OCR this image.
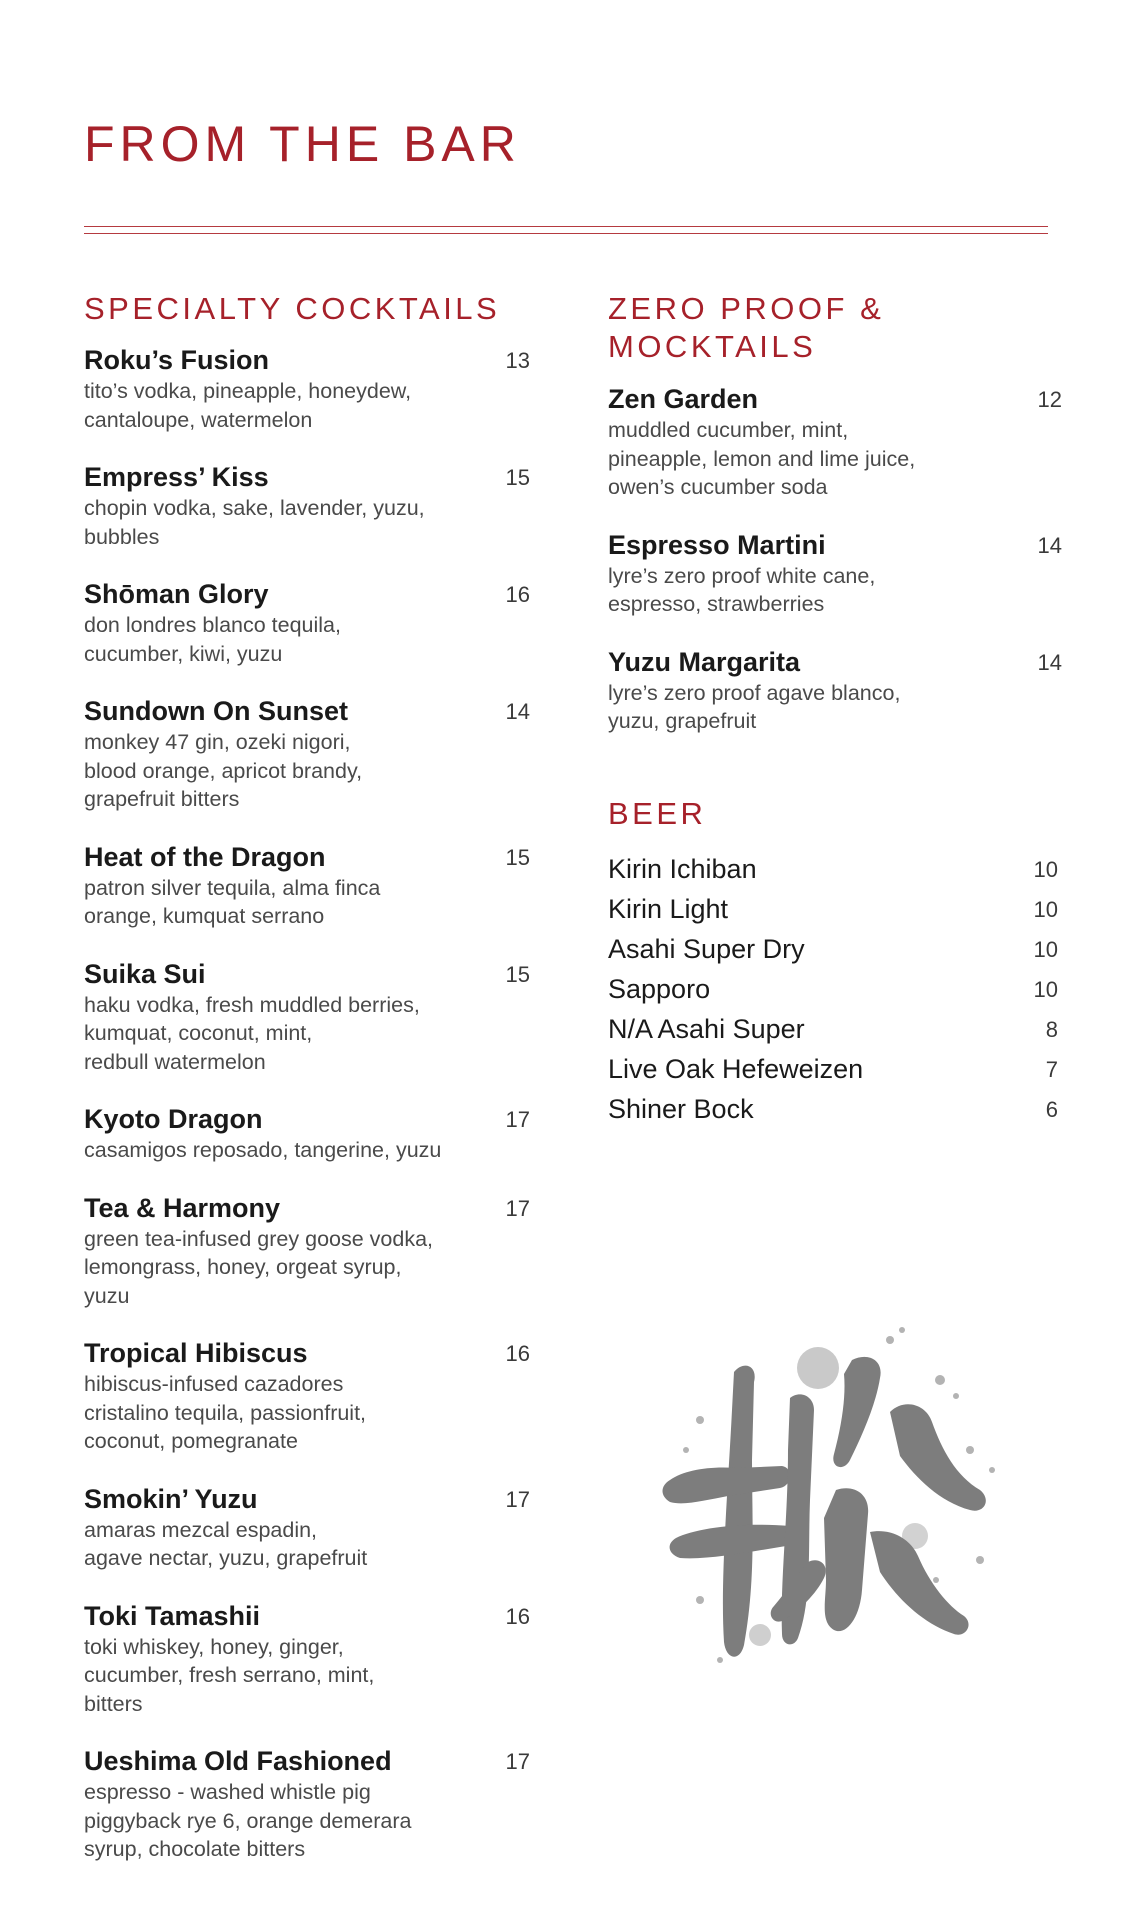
FROM THE BAR
SPECIALTY COCKTAILS
Roku’s Fusion	13
tito’s vodka, pineapple, honeydew,
cantaloupe, watermelon
Empress’ Kiss	15
chopin vodka, sake, lavender, yuzu,
bubbles
Shōman Glory	16
don londres blanco tequila,
cucumber, kiwi, yuzu
Sundown On Sunset	14
monkey 47 gin, ozeki nigori,
blood orange, apricot brandy,
grapefruit bitters
Heat of the Dragon	15
patron silver tequila, alma finca
orange, kumquat serrano
Suika Sui	15
haku vodka, fresh muddled berries,
kumquat, coconut, mint,
redbull watermelon
Kyoto Dragon	17
casamigos reposado, tangerine, yuzu
Tea & Harmony	17
green tea-infused grey goose vodka,
lemongrass, honey, orgeat syrup,
yuzu
Tropical Hibiscus	16
hibiscus-infused cazadores
cristalino tequila, passionfruit,
coconut, pomegranate
Smokin’ Yuzu	17
amaras mezcal espadin,
agave nectar, yuzu, grapefruit
Toki Tamashii	16
toki whiskey, honey, ginger,
cucumber, fresh serrano, mint,
bitters
Ueshima Old Fashioned	17
espresso - washed whistle pig
piggyback rye 6, orange demerara
syrup, chocolate bitters
ZERO PROOF &
MOCKTAILS
Zen Garden	12
muddled cucumber, mint,
pineapple, lemon and lime juice,
owen’s cucumber soda
Espresso Martini	14
lyre’s zero proof white cane,
espresso, strawberries
Yuzu Margarita	14
lyre’s zero proof agave blanco,
yuzu, grapefruit
BEER
Kirin Ichiban	10
Kirin Light	10
Asahi Super Dry	10
Sapporo	10
N/A Asahi Super	8
Live Oak Hefeweizen	7
Shiner Bock	6
